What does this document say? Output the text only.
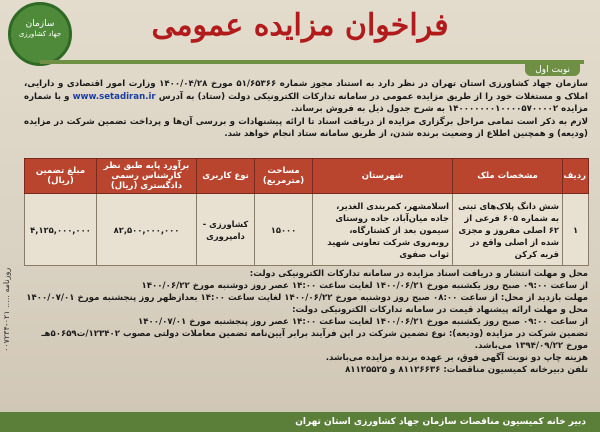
سازمان
جهاد کشاورزی	فراخوان مزایده عمومی
نوبت اول
روزنامه ..... ۰۲۱-۰۰۷۲۳۴
سازمان جهاد کشاورزی استان تهران در نظر دارد به استناد مجوز شماره ۵۱/۶۵۳۶۶ مورخ ۱۴۰۰/۰۴/۲۸ وزارت امور اقتصادی و دارایی، املاک و مستغلات خود را از طریق مزایده عمومی در سامانه تدارکات الکترونیکی دولت (ستاد) به آدرس www.setadiran.ir و با شماره مزایده ۱۴۰۰۰۰۰۰۰۱۰۰۰۰۵۷۰۰۰۰۲ به شرح جدول ذیل به فروش برساند.
لازم به ذکر است تمامی مراحل برگزاری مزایده از دریافت اسناد تا ارائه پیشنهادات و بررسی آن‌ها و پرداخت تضمین شرکت در مزایده (ودیعه) و همچنین اطلاع از وضعیت برنده شدن، از طریق سامانه ستاد انجام خواهد شد.
ردیف	مشخصات ملک	شهرستان	مساحت (مترمربع)	نوع کاربری	برآورد پایه طبق نظر کارشناس رسمی دادگستری (ریال)	مبلغ تضمین (ریال)
۱	شش دانگ پلاک‌های ثبتی به شماره ۶۰۵ فرعی از ۶۲ اصلی مفروز و مجزی شده از اصلی واقع در قریه کرکن	اسلامشهر، کمربندی الغدیر، جاده میان‌آباد، جاده روستای سیمون بعد از کشتارگاه، روبه‌روی شرکت تعاونی شهید ثواب صفوی	۱۵۰۰۰	کشاورزی - دامپروری	۸۲,۵۰۰,۰۰۰,۰۰۰	۴,۱۲۵,۰۰۰,۰۰۰

محل و مهلت انتشار و دریافت اسناد مزایده در سامانه تدارکات الکترونیکی دولت:

از ساعت ۰۹:۰۰ صبح روز یکشنبه مورخ ۱۴۰۰/۰۶/۲۱ لغایت ساعت ۱۴:۰۰ عصر روز دوشنبه مورخ ۱۴۰۰/۰۶/۲۲

مهلت بازدید از محل: از ساعت ۰۸:۰۰ صبح روز دوشنبه مورخ ۱۴۰۰/۰۶/۲۲ لغایت ساعت ۱۴:۰۰ بعدازظهر روز پنجشنبه مورخ ۱۴۰۰/۰۷/۰۱

محل و مهلت ارائه پیشنهاد قیمت در سامانه تدارکات الکترونیکی دولت:

از ساعت ۰۹:۰۰ صبح روز یکشنبه مورخ ۱۴۰۰/۰۶/۲۱ لغایت ساعت ۱۴:۰۰ عصر روز پنجشنبه مورخ ۱۴۰۰/۰۷/۰۱

تضمین شرکت در مزایده (ودیعه): نوع تضمین شرکت در این فرآیند برابر آیین‌نامه تضمین معاملات دولتی مصوب ۱۲۳۴۰۲/ت۵۰۶۵۹هـ مورخ ۱۳۹۴/۰۹/۲۲ می‌باشد.

هزینه چاپ دو نوبت آگهی فوق، بر عهده برنده مزایده می‌باشد.

تلفن دبیرخانه کمیسیون مناقصات: ۸۱۱۲۶۶۳۶ و ۸۱۱۲۵۵۲۵

دبیر خانه کمیسیون مناقصات سازمان جهاد کشاورزی استان تهران
